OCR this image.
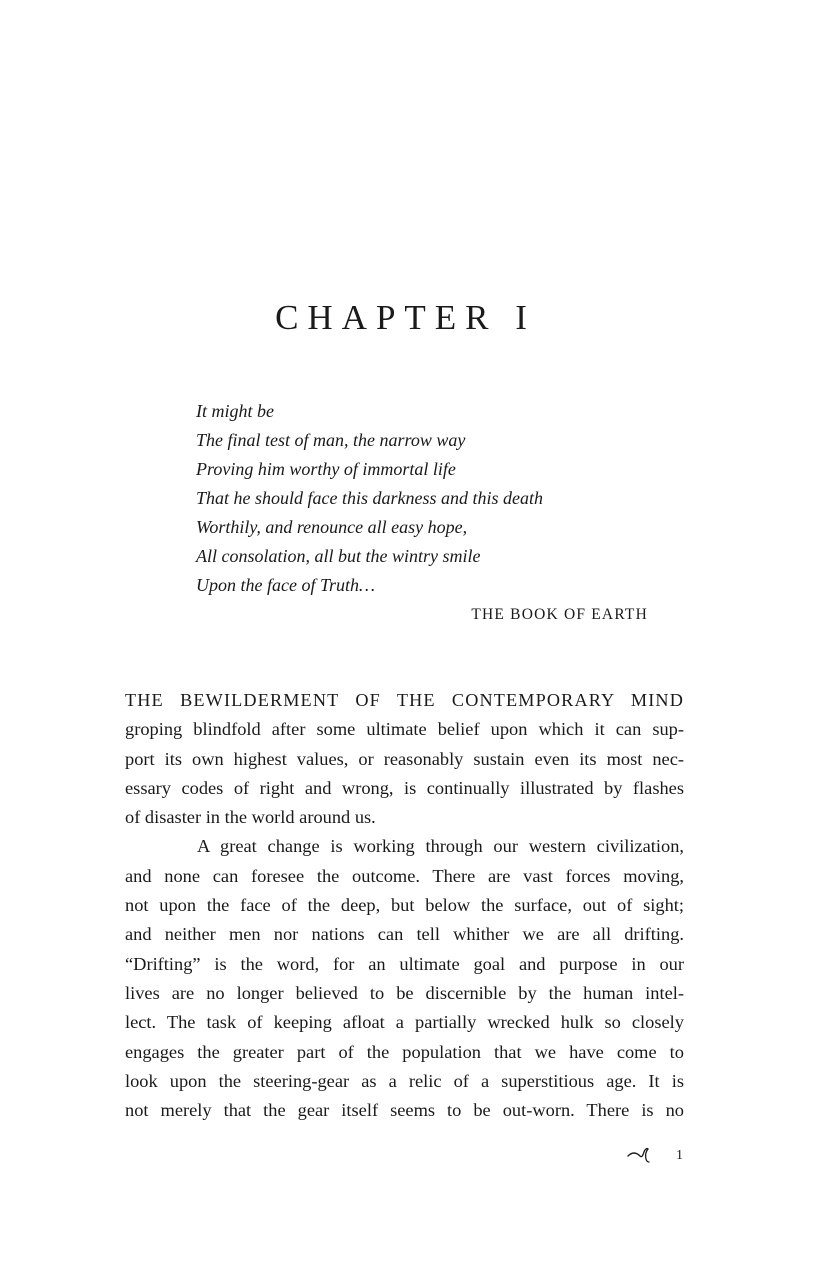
CHAPTER I
It might be
The final test of man, the narrow way
Proving him worthy of immortal life
That he should face this darkness and this death
Worthily, and renounce all easy hope,
All consolation, all but the wintry smile
Upon the face of Truth…
THE BOOK OF EARTH

THE BEWILDERMENT OF THE CONTEMPORARY MIND
groping blindfold after some ultimate belief upon which it can sup-
port its own highest values, or reasonably sustain even its most nec-
essary codes of right and wrong, is continually illustrated by flashes
of disaster in the world around us.

A great change is working through our western civilization,
and none can foresee the outcome. There are vast forces moving,
not upon the face of the deep, but below the surface, out of sight;
and neither men nor nations can tell whither we are all drifting.
“Drifting” is the word, for an ultimate goal and purpose in our
lives are no longer believed to be discernible by the human intel-
lect. The task of keeping afloat a partially wrecked hulk so closely
engages the greater part of the population that we have come to
look upon the steering-gear as a relic of a superstitious age. It is
not merely that the gear itself seems to be out-worn. There is no

1
